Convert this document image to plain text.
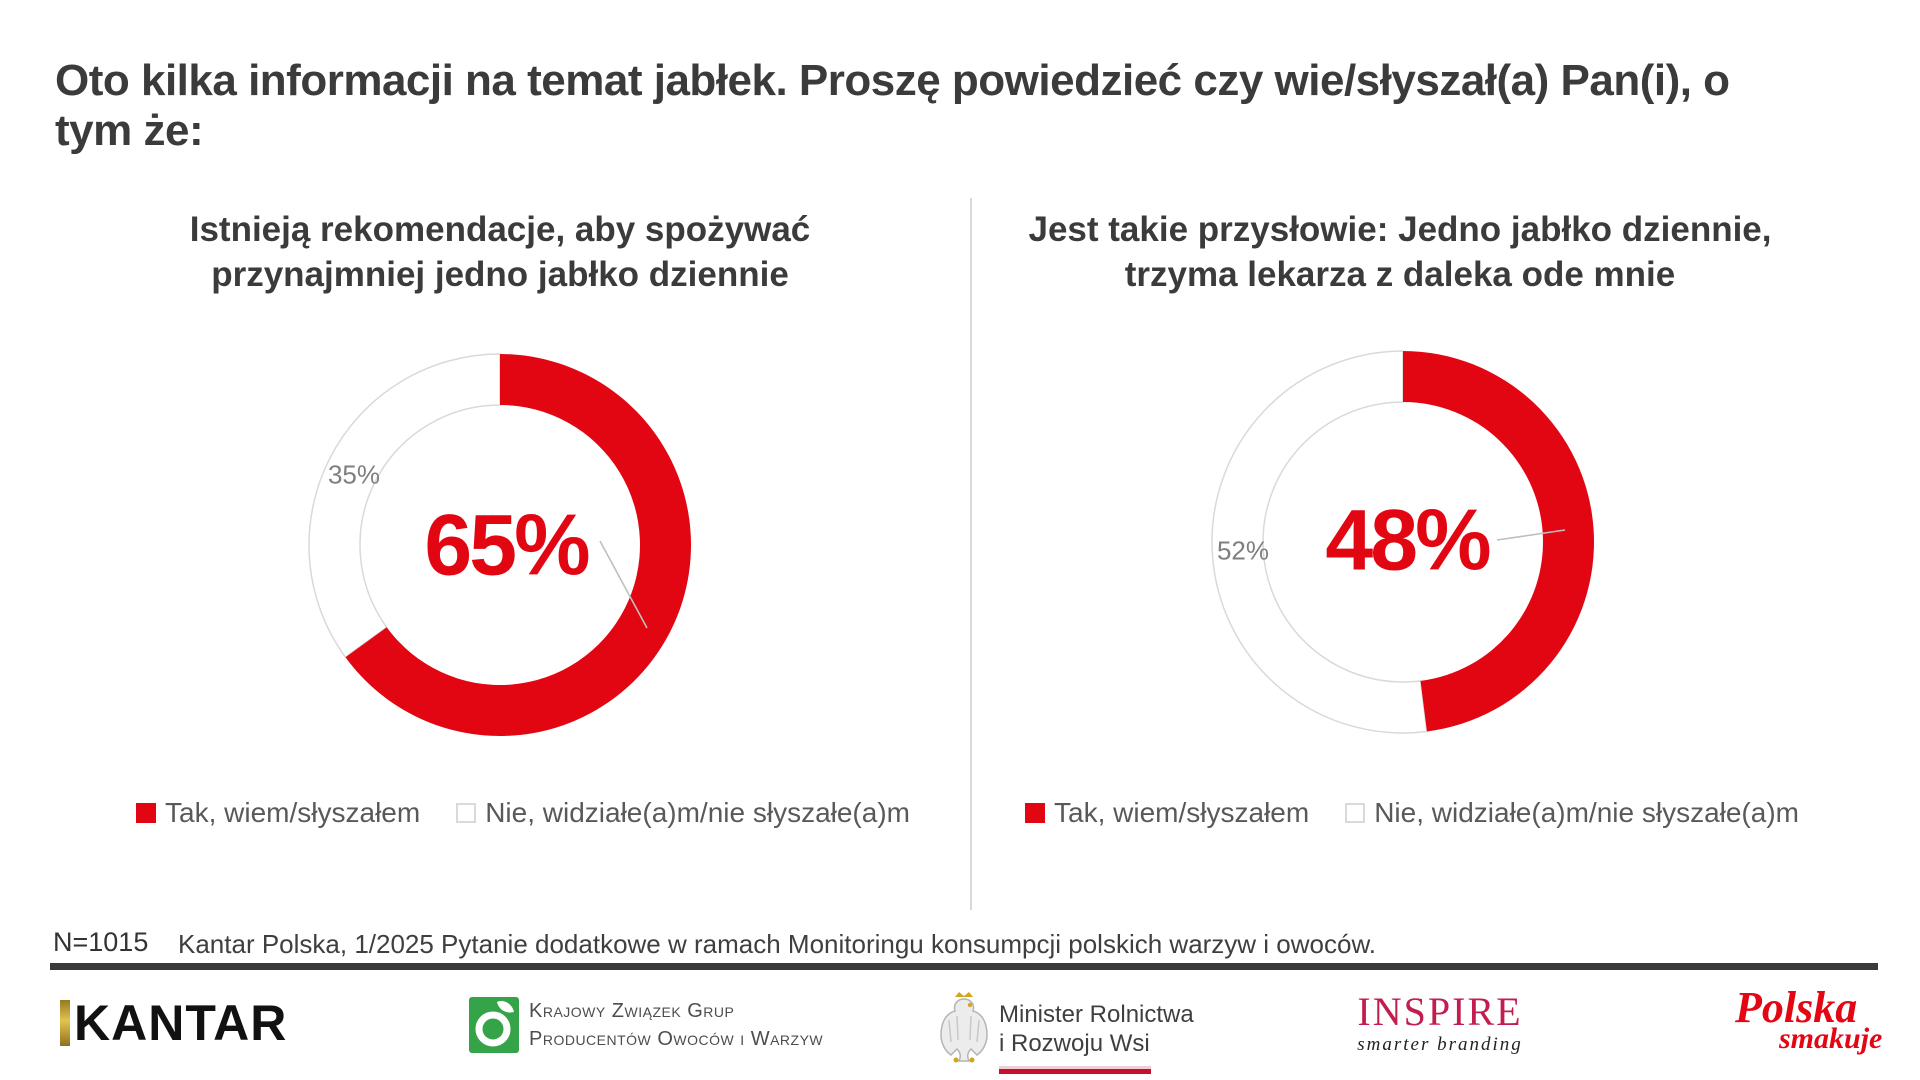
Oto kilka informacji na temat jabłek. Proszę powiedzieć czy wie/słyszał(a) Pan(i), o tym że:
Istnieją rekomendacje, aby spożywać przynajmniej jedno jabłko dziennie
65%
35%
Tak, wiem/słyszałem Nie, widziałe(a)m/nie słyszałe(a)m
Jest takie przysłowie: Jedno jabłko dziennie, trzyma lekarza z daleka ode mnie
48%
52%
Tak, wiem/słyszałem Nie, widziałe(a)m/nie słyszałe(a)m
N=1015 Kantar Polska, 1/2025 Pytanie dodatkowe w ramach Monitoringu konsumpcji polskich warzyw i owoców.
KANTAR	Krajowy Związek Grup
Producentów Owoców i Warzyw
Minister Rolnictwa
i Rozwoju Wsi
INSPIRE
smarter branding
Polska
smakuje
